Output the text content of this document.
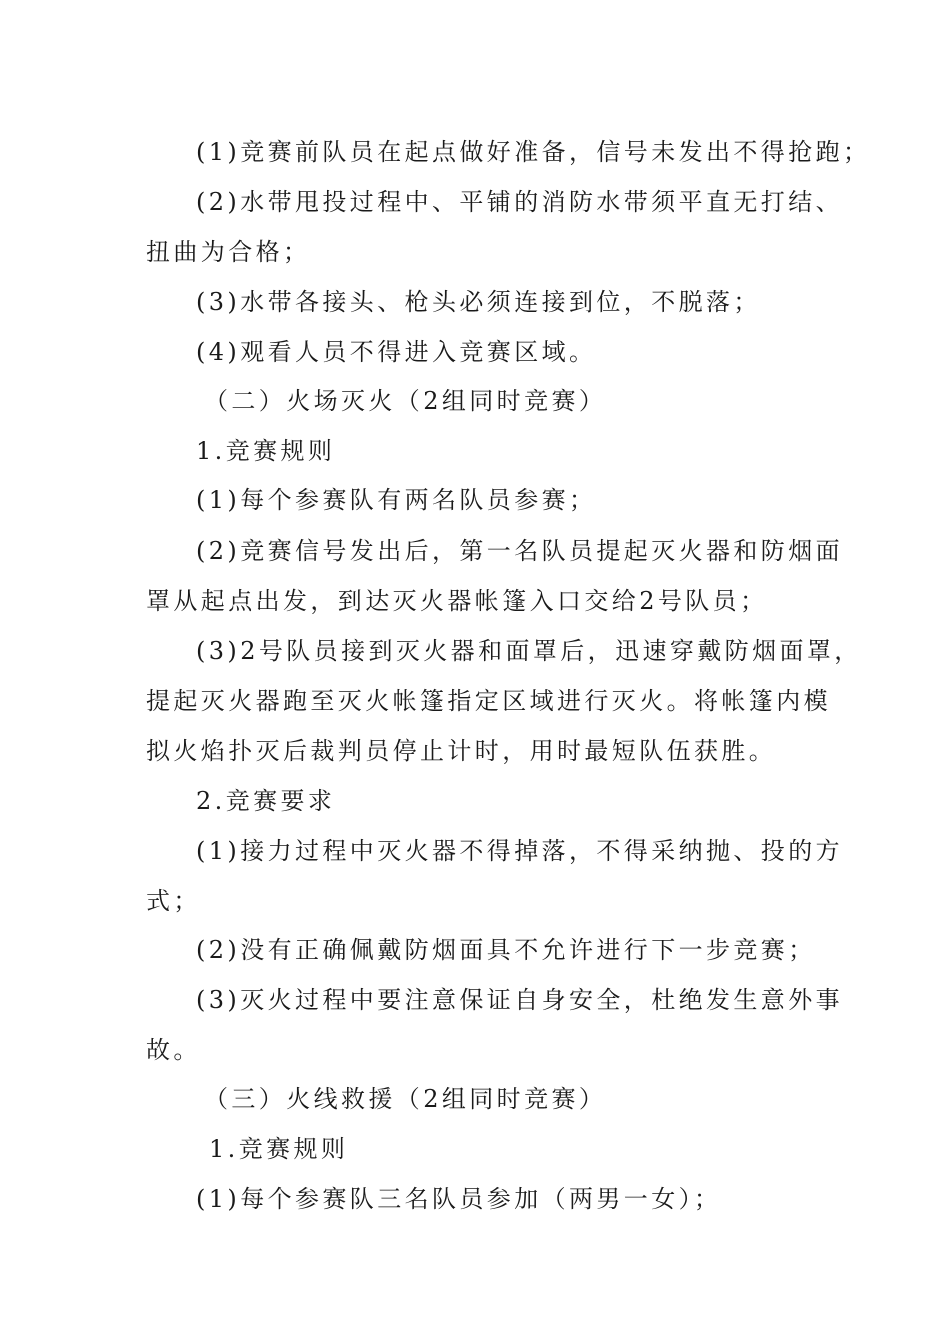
(1)竞赛前队员在起点做好准备，信号未发出不得抢跑；
(2)水带甩投过程中、平铺的消防水带须平直无打结、
扭曲为合格；
(3)水带各接头、枪头必须连接到位，不脱落；
(4)观看人员不得进入竞赛区域。
（二）火场灭火（2组同时竞赛）
1.竞赛规则
(1)每个参赛队有两名队员参赛；
(2)竞赛信号发出后，第一名队员提起灭火器和防烟面
罩从起点出发，到达灭火器帐篷入口交给2号队员；
(3)2号队员接到灭火器和面罩后，迅速穿戴防烟面罩，
提起灭火器跑至灭火帐篷指定区域进行灭火。将帐篷内模
拟火焰扑灭后裁判员停止计时，用时最短队伍获胜。
2.竞赛要求
(1)接力过程中灭火器不得掉落，不得采纳抛、投的方
式；
(2)没有正确佩戴防烟面具不允许进行下一步竞赛；
(3)灭火过程中要注意保证自身安全，杜绝发生意外事
故。
（三）火线救援（2组同时竞赛）
1.竞赛规则
(1)每个参赛队三名队员参加（两男一女）；
